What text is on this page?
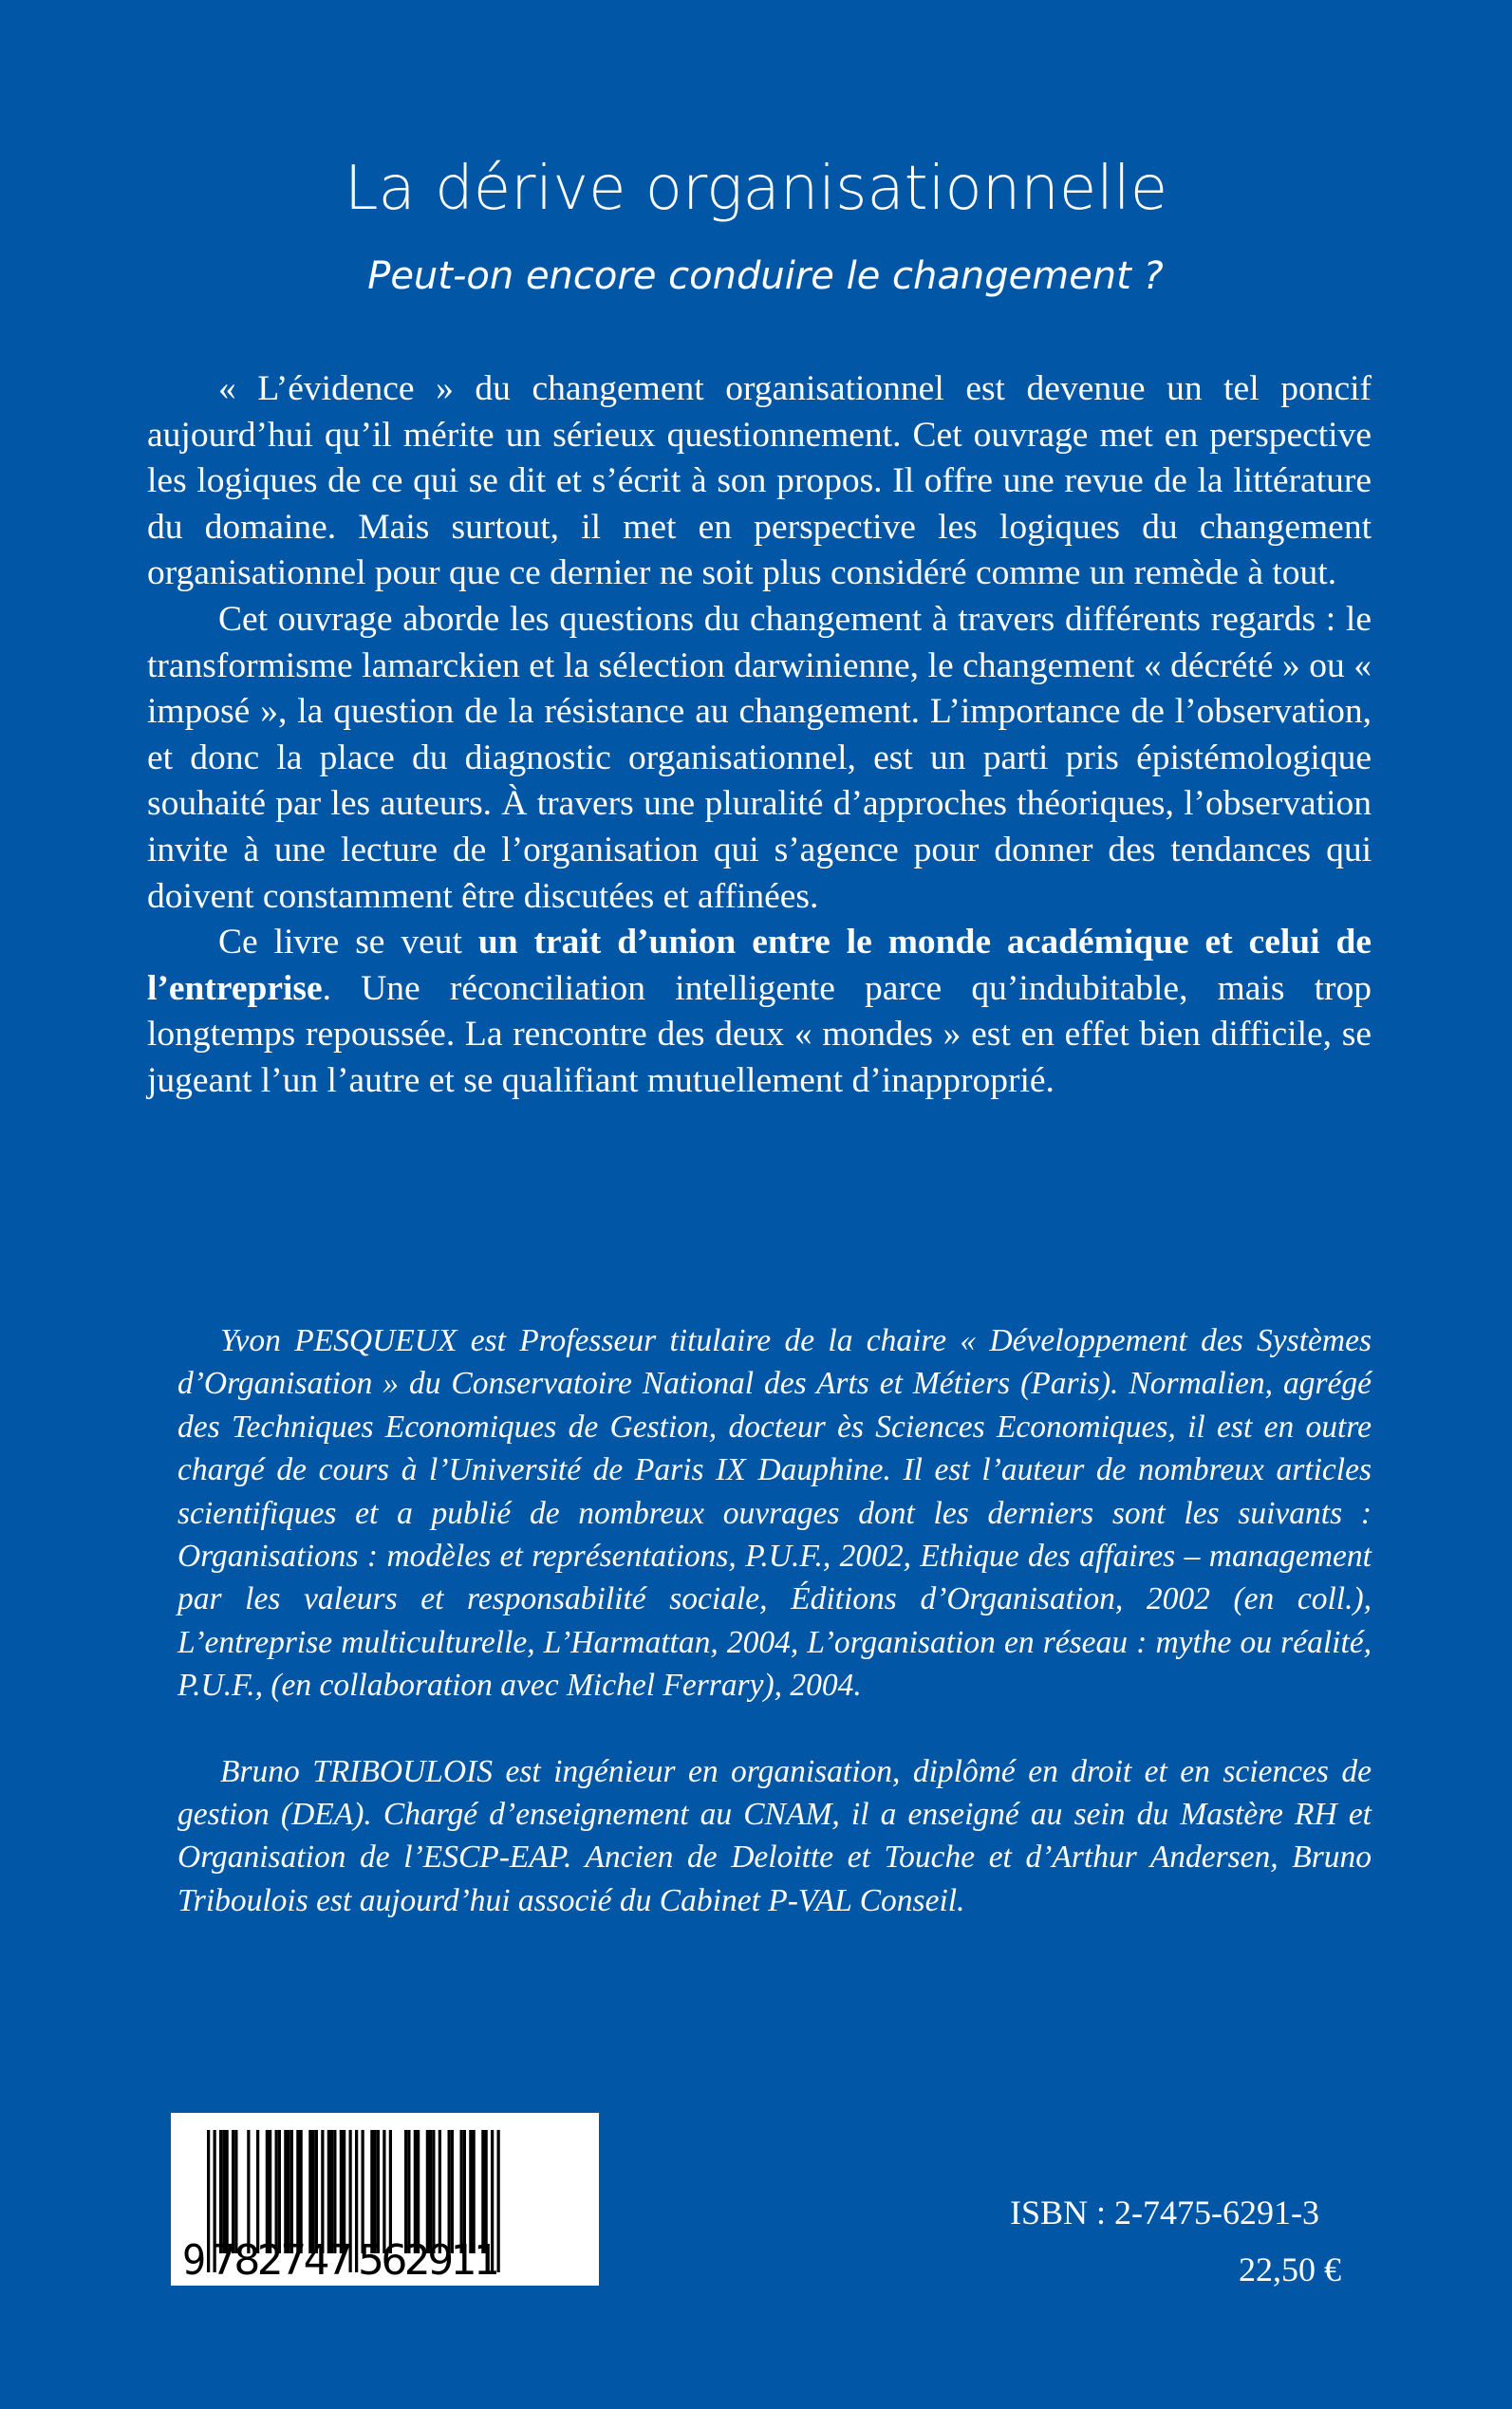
La dérive organisationnelle
Peut-on encore conduire le changement ?

« L’évidence » du changement organisationnel est devenue un tel poncif aujourd’hui qu’il mérite un sérieux questionnement. Cet ouvrage met en perspective les logiques de ce qui se dit et s’écrit à son propos. Il offre une revue de la littérature du domaine. Mais surtout, il met en perspective les logiques du changement organisationnel pour que ce dernier ne soit plus considéré comme un remède à tout.

Cet ouvrage aborde les questions du changement à travers différents regards : le transformisme lamarckien et la sélection darwinienne, le changement « décrété » ou « imposé », la question de la résistance au changement. L’importance de l’observation, et donc la place du diagnostic organisationnel, est un parti pris épistémologique souhaité par les auteurs. À travers une pluralité d’approches théoriques, l’observation invite à une lecture de l’organisation qui s’agence pour donner des tendances qui doivent constamment être discutées et affinées.

Ce livre se veut un trait d’union entre le monde académique et celui de l’entreprise. Une réconciliation intelligente parce qu’indubitable, mais trop longtemps repoussée. La rencontre des deux « mondes » est en effet bien difficile, se jugeant l’un l’autre et se qualifiant mutuellement d’inapproprié.

Yvon PESQUEUX est Professeur titulaire de la chaire « Développement des Systèmes d’Organisation » du Conservatoire National des Arts et Métiers (Paris). Normalien, agrégé des Techniques Economiques de Gestion, docteur ès Sciences Economiques, il est en outre chargé de cours à l’Université de Paris IX Dauphine. Il est l’auteur de nombreux articles scientifiques et a publié de nombreux ouvrages dont les derniers sont les suivants : Organisations : modèles et représentations, P.U.F., 2002, Ethique des affaires – management par les valeurs et responsabilité sociale, Éditions d’Organisation, 2002 (en coll.), L’entreprise multiculturelle, L’Harmattan, 2004, L’organisation en réseau : mythe ou réalité, P.U.F., (en collaboration avec Michel Ferrary), 2004.

Bruno TRIBOULOIS est ingénieur en organisation, diplômé en droit et en sciences de gestion (DEA). Chargé d’enseignement au CNAM, il a enseigné au sein du Mastère RH et Organisation de l’ESCP-EAP. Ancien de Deloitte et Touche et d’Arthur Andersen, Bruno Triboulois est aujourd’hui associé du Cabinet P-VAL Conseil.

9 782747 562911
ISBN : 2-7475-6291-3
22,50 €
